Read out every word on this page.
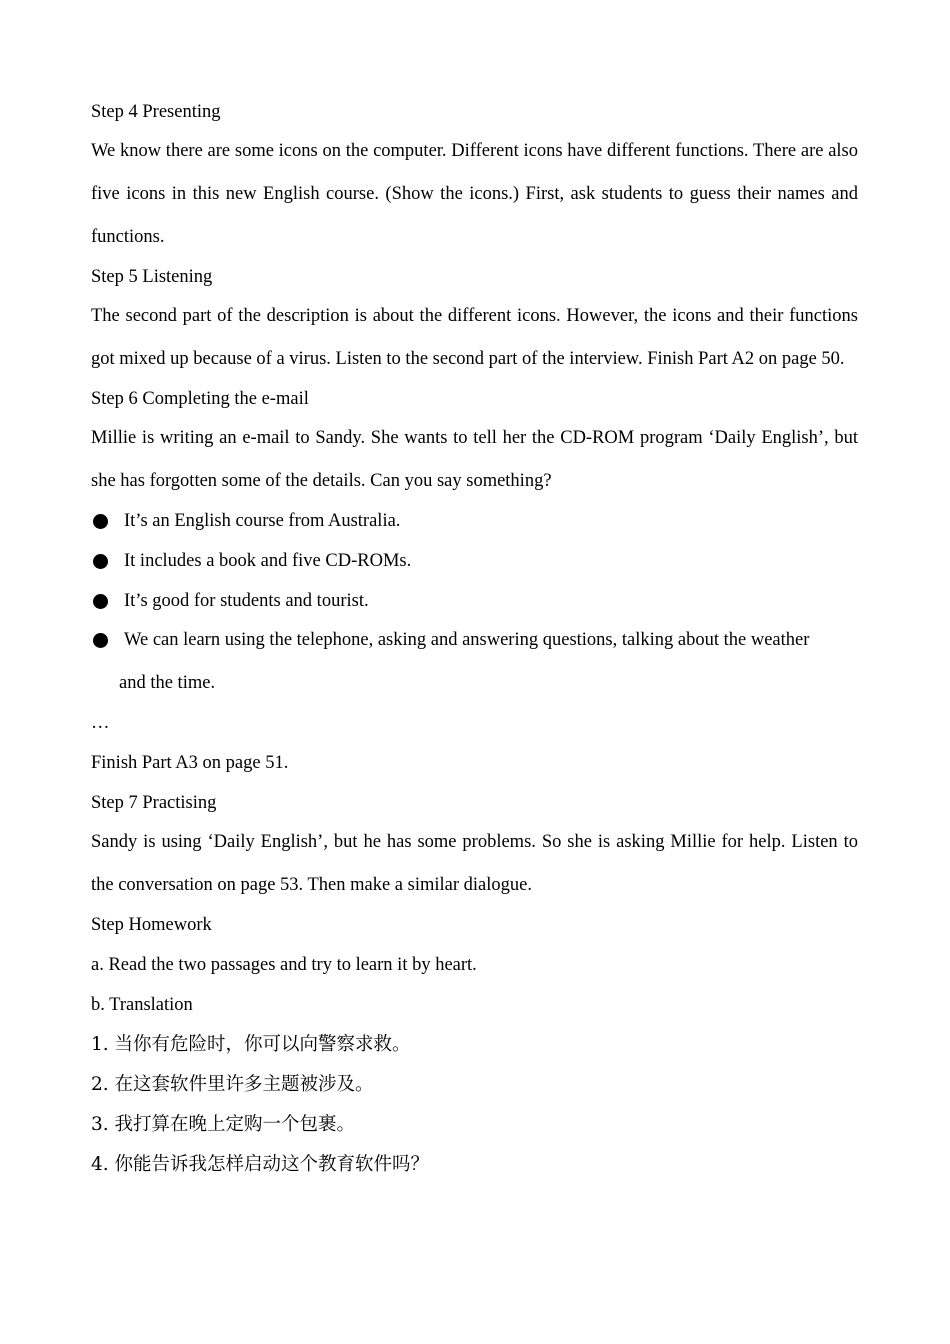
Step 4 Presenting
We know there are some icons on the computer. Different icons have different functions. There are also five icons in this new English course. (Show the icons.) First, ask students to guess their names and functions.
Step 5 Listening
The second part of the description is about the different icons. However, the icons and their functions got mixed up because of a virus. Listen to the second part of the interview. Finish Part A2 on page 50.
Step 6 Completing the e-mail
Millie is writing an e-mail to Sandy. She wants to tell her the CD-ROM program ‘Daily English’, but she has forgotten some of the details. Can you say something?
It’s an English course from Australia.
It includes a book and five CD-ROMs.
It’s good for students and tourist.
We can learn using the telephone, asking and answering questions, talking about the weather
and the time.
…
Finish Part A3 on page 51.
Step 7 Practising
Sandy is using ‘Daily English’, but he has some problems. So she is asking Millie for help. Listen to the conversation on page 53. Then make a similar dialogue.
Step Homework
a. Read the two passages and try to learn it by heart.
b. Translation
1. 当你有危险时，你可以向警察求救。
2. 在这套软件里许多主题被涉及。
3. 我打算在晚上定购一个包裹。
4. 你能告诉我怎样启动这个教育软件吗？
